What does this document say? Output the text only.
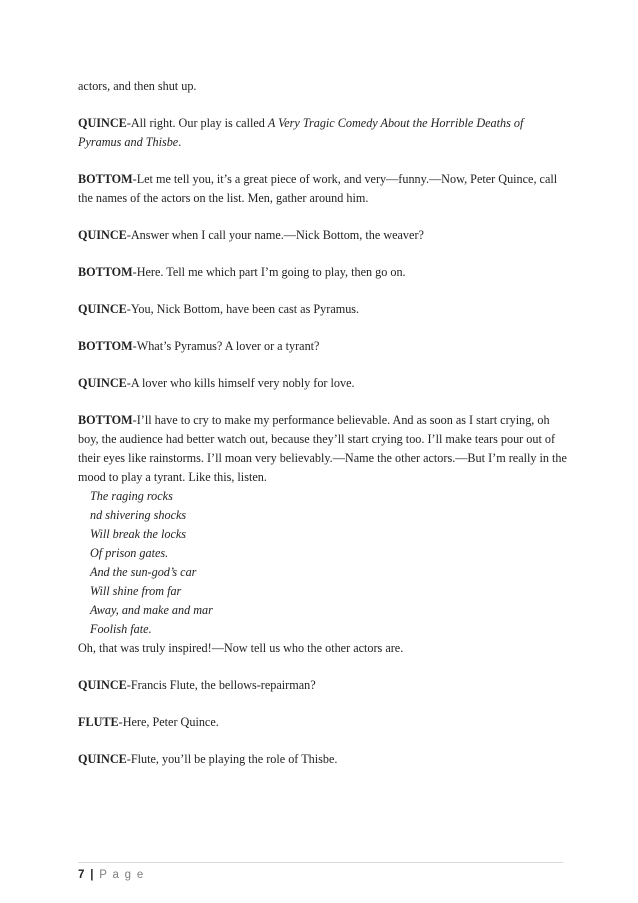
actors, and then shut up.

QUINCE-All right. Our play is called A Very Tragic Comedy About the Horrible Deaths of Pyramus and Thisbe.

BOTTOM-Let me tell you, it’s a great piece of work, and very—funny.—Now, Peter Quince, call the names of the actors on the list. Men, gather around him.

QUINCE-Answer when I call your name.—Nick Bottom, the weaver?

BOTTOM-Here. Tell me which part I’m going to play, then go on.

QUINCE-You, Nick Bottom, have been cast as Pyramus.

BOTTOM-What’s Pyramus? A lover or a tyrant?

QUINCE-A lover who kills himself very nobly for love.

BOTTOM-I’ll have to cry to make my performance believable. And as soon as I start crying, oh boy, the audience had better watch out, because they’ll start crying too. I’ll make tears pour out of their eyes like rainstorms. I’ll moan very believably.—Name the other actors.—But I’m really in the mood to play a tyrant. Like this, listen.

The raging rocks
nd shivering shocks
Will break the locks
Of prison gates.
And the sun-god’s car
Will shine from far
Away, and make and mar
Foolish fate.
Oh, that was truly inspired!—Now tell us who the other actors are.

QUINCE-Francis Flute, the bellows-repairman?

FLUTE-Here, Peter Quince.

QUINCE-Flute, you’ll be playing the role of Thisbe.

7 | P a g e
